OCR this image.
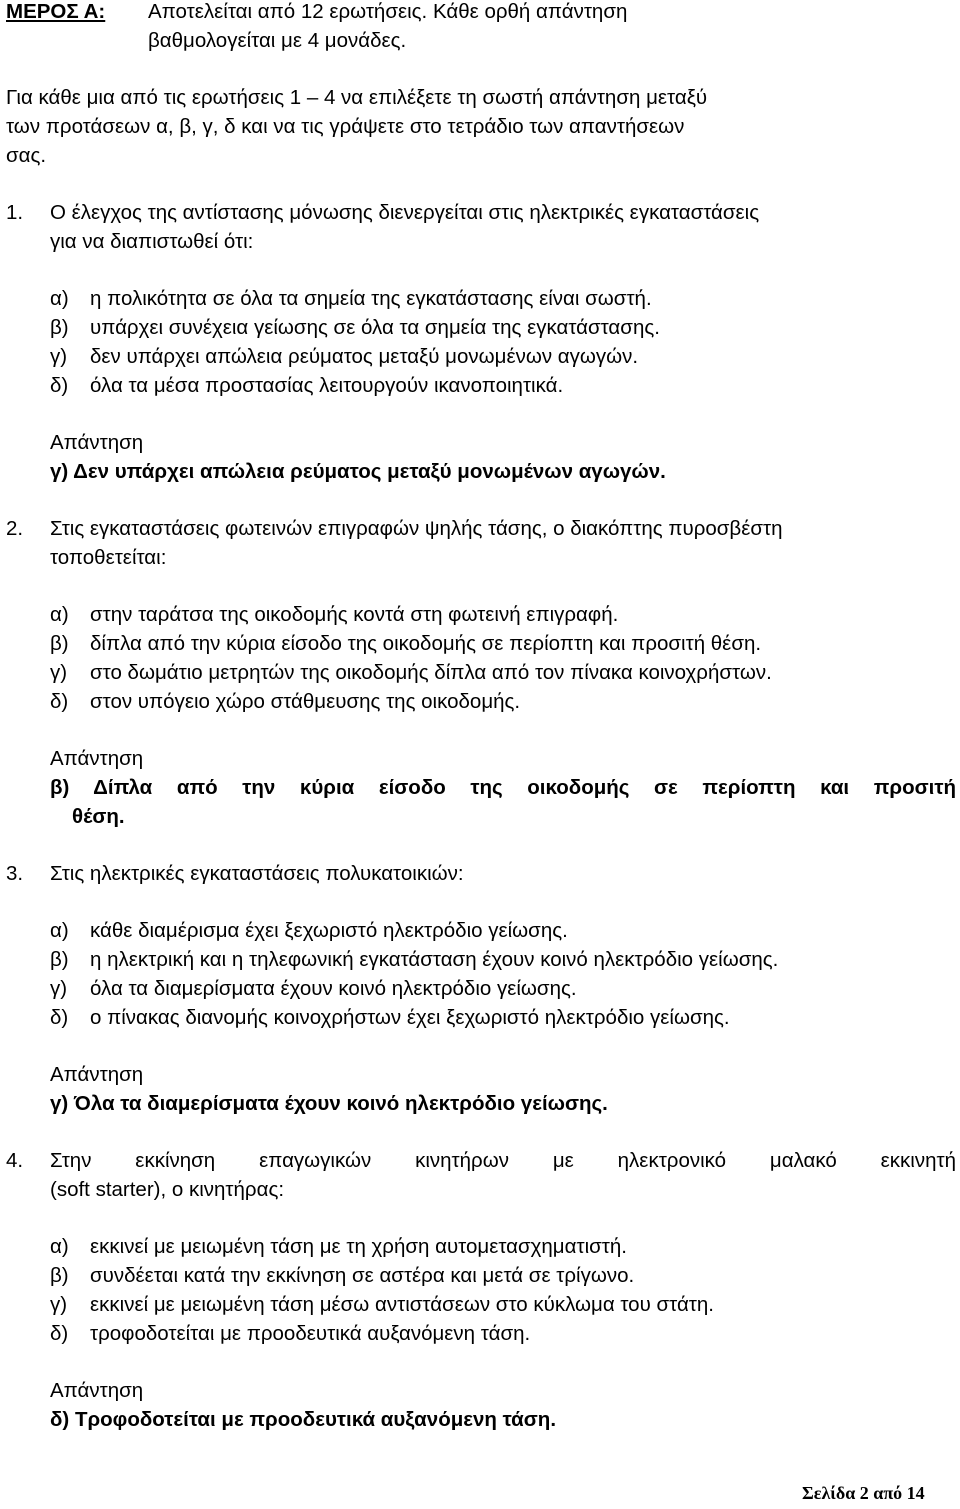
ΜΕΡΟΣ Α: Αποτελείται από 12 ερωτήσεις. Κάθε ορθή απάντηση
βαθμολογείται με 4 μονάδες.
Για κάθε μια από τις ερωτήσεις 1 – 4 να επιλέξετε τη σωστή απάντηση μεταξύ
των προτάσεων α, β, γ, δ και να τις γράψετε στο τετράδιο των απαντήσεων
σας.
1. Ο έλεγχος της αντίστασης μόνωσης διενεργείται στις ηλεκτρικές εγκαταστάσεις
για να διαπιστωθεί ότι:
α) η πολικότητα σε όλα τα σημεία της εγκατάστασης είναι σωστή.
β) υπάρχει συνέχεια γείωσης σε όλα τα σημεία της εγκατάστασης.
γ) δεν υπάρχει απώλεια ρεύματος μεταξύ μονωμένων αγωγών.
δ) όλα τα μέσα προστασίας λειτουργούν ικανοποιητικά.
Απάντηση
γ) Δεν υπάρχει απώλεια ρεύματος μεταξύ μονωμένων αγωγών.
2. Στις εγκαταστάσεις φωτεινών επιγραφών ψηλής τάσης, ο διακόπτης πυροσβέστη
τοποθετείται:
α) στην ταράτσα της οικοδομής κοντά στη φωτεινή επιγραφή.
β) δίπλα από την κύρια είσοδο της οικοδομής σε περίοπτη και προσιτή θέση.
γ) στο δωμάτιο μετρητών της οικοδομής δίπλα από τον πίνακα κοινοχρήστων.
δ) στον υπόγειο χώρο στάθμευσης της οικοδομής.
Απάντηση
β) Δίπλα από την κύρια είσοδο της οικοδομής σε περίοπτη και προσιτή
θέση.
3. Στις ηλεκτρικές εγκαταστάσεις πολυκατοικιών:
α) κάθε διαμέρισμα έχει ξεχωριστό ηλεκτρόδιο γείωσης.
β) η ηλεκτρική και η τηλεφωνική εγκατάσταση έχουν κοινό ηλεκτρόδιο γείωσης.
γ) όλα τα διαμερίσματα έχουν κοινό ηλεκτρόδιο γείωσης.
δ) ο πίνακας διανομής κοινοχρήστων έχει ξεχωριστό ηλεκτρόδιο γείωσης.
Απάντηση
γ) Όλα τα διαμερίσματα έχουν κοινό ηλεκτρόδιο γείωσης.
4. Στην εκκίνηση επαγωγικών κινητήρων με ηλεκτρονικό μαλακό εκκινητή
(soft starter), ο κινητήρας:
α) εκκινεί με μειωμένη τάση με τη χρήση αυτομετασχηματιστή.
β) συνδέεται κατά την εκκίνηση σε αστέρα και μετά σε τρίγωνο.
γ) εκκινεί με μειωμένη τάση μέσω αντιστάσεων στο κύκλωμα του στάτη.
δ) τροφοδοτείται με προοδευτικά αυξανόμενη τάση.
Απάντηση
δ) Τροφοδοτείται με προοδευτικά αυξανόμενη τάση.
Σελίδα 2 από 14
